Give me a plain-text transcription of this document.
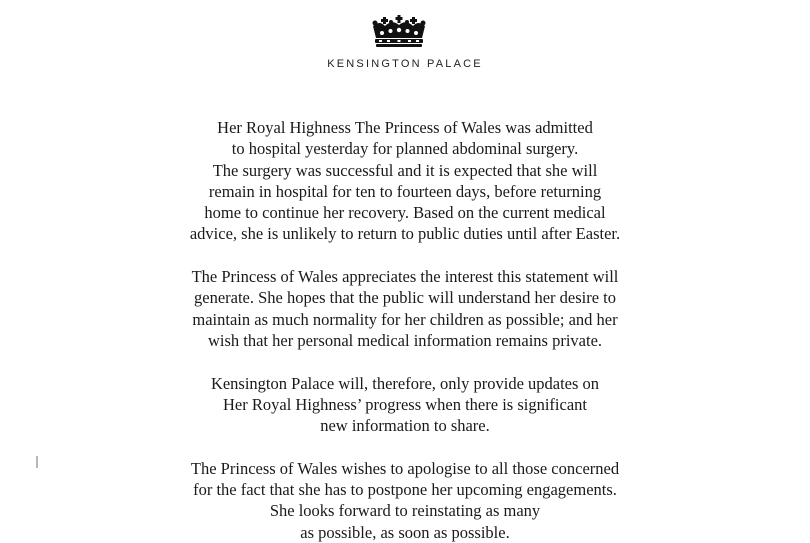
KENSINGTON PALACE

Her Royal Highness The Princess of Wales was admitted
to hospital yesterday for planned abdominal surgery.
The surgery was successful and it is expected that she will
remain in hospital for ten to fourteen days, before returning
home to continue her recovery. Based on the current medical
advice, she is unlikely to return to public duties until after Easter.

The Princess of Wales appreciates the interest this statement will
generate. She hopes that the public will understand her desire to
maintain as much normality for her children as possible; and her
wish that her personal medical information remains private.

Kensington Palace will, therefore, only provide updates on
Her Royal Highness’ progress when there is significant
new information to share.

The Princess of Wales wishes to apologise to all those concerned
for the fact that she has to postpone her upcoming engagements.
She looks forward to reinstating as many
as possible, as soon as possible.
